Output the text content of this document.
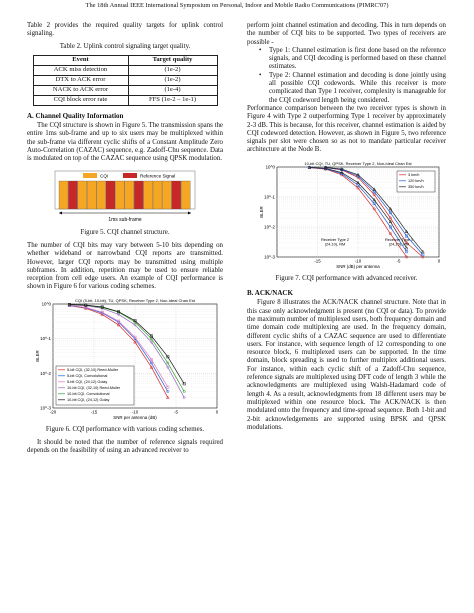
The 18th Annual IEEE International Symposium on Personal, Indoor and Mobile Radio Communications (PIMRC'07)

Table 2 provides the required quality targets for uplink control signaling.

Table 2. Uplink control signaling target quality.

Event	Target quality
ACK miss detection	(1e-2)
DTX to ACK error	(1e-2)
NACK to ACK error	(1e-4)
CQI block error rate	FFS (1e-2 – 1e-1)
A. Channel Quality Information

The CQI structure is shown in Figure 5. The transmission spans the entire 1ms sub-frame and up to six users may be multiplexed within the sub-frame via different cyclic shifts of a Constant Amplitude Zero Auto-Correlation (CAZAC) sequence, e.g. Zadoff-Chu sequence. Data is modulated on top of the CAZAC sequence using QPSK modulation.

CQI	Reference Signal
1ms sub-frame

Figure 5. CQI channel structure.

The number of CQI bits may vary between 5-10 bits depending on whether wideband or narrowband CQI reports are transmitted. However, larger CQI reports may be transmitted using multiple subframes. In addition, repetition may be used to ensure reliable reception from cell edge users. An example of CQI performance is shown in Figure 6 for various coding schemes.

-20	-15	-10	-5	0
10^0
10^-1
10^-2
10^-3
SNR per antenna (dB)
BLER
CQI (5-bit, 10-bit), TU, QPSK, Receiver Type 2, Non-Ideal Chan Est
5-bit CQI, (32,10) Reed-Muller
5-bit CQI, Convolutional
5-bit CQI, (24,12) Golay
10-bit CQI, (32,10) Reed-Muller
10-bit CQI, Convolutional
10-bit CQI, (24,12) Golay

Figure 6. CQI performance with various coding schemes.

It should be noted that the number of reference signals required depends on the feasibility of using an advanced receiver to

perform joint channel estimation and decoding. This in turn depends on the number of CQI bits to be supported. Two types of receivers are possible -

• Type 1: Channel estimation is first done based on the reference signals, and CQI decoding is performed based on these channel estimates.
• Type 2: Channel estimation and decoding is done jointly using all possible CQI codewords. While this receiver is more complicated than Type 1 receiver, complexity is manageable for the CQI codeword length being considered.

Performance comparison between the two receiver types is shown in Figure 4 with Type 2 outperforming Type 1 receiver by approximately 2-3 dB. This is because, for this receiver, channel estimation is aided by CQI codeword detection. However, as shown in Figure 5, two reference signals per slot were chosen so as not to mandate particular receiver architecture at the Node B.

-15	-10	-5	0
10^0
10^-1
10^-2
10^-3
SNR (dB) per antenna
BLER
10-bit CQI, TU, QPSK, Receiver Type 2, Non-Ideal Chan Est
3 km/h
120 km/h
350 km/h
Receiver Type 2 (24,10), RM
Receiver Type 1 (24,10), RM

Figure 7. CQI performance with advanced receiver.

B. ACK/NACK

Figure 8 illustrates the ACK/NACK channel structure. Note that in this case only acknowledgment is present (no CQI or data). To provide the maximum number of multiplexed users, both frequency domain and time domain code multiplexing are used. In the frequency domain, different cyclic shifts of a CAZAC sequence are used to differentiate users. For instance, with sequence length of 12 corresponding to one resource block, 6 multiplexed users can be supported. In the time domain, block spreading is used to further multiplex additional users. For instance, within each cyclic shift of a Zadoff-Chu sequence, reference signals are multiplexed using DFT code of length 3 while the acknowledgments are multiplexed using Walsh-Hadamard code of length 4. As a result, acknowledgments from 18 different users may be multiplexed within one resource block. The ACK/NACK is then modulated onto the frequency and time-spread sequence. Both 1-bit and 2-bit acknowledgements are supported using BPSK and QPSK modulations.
